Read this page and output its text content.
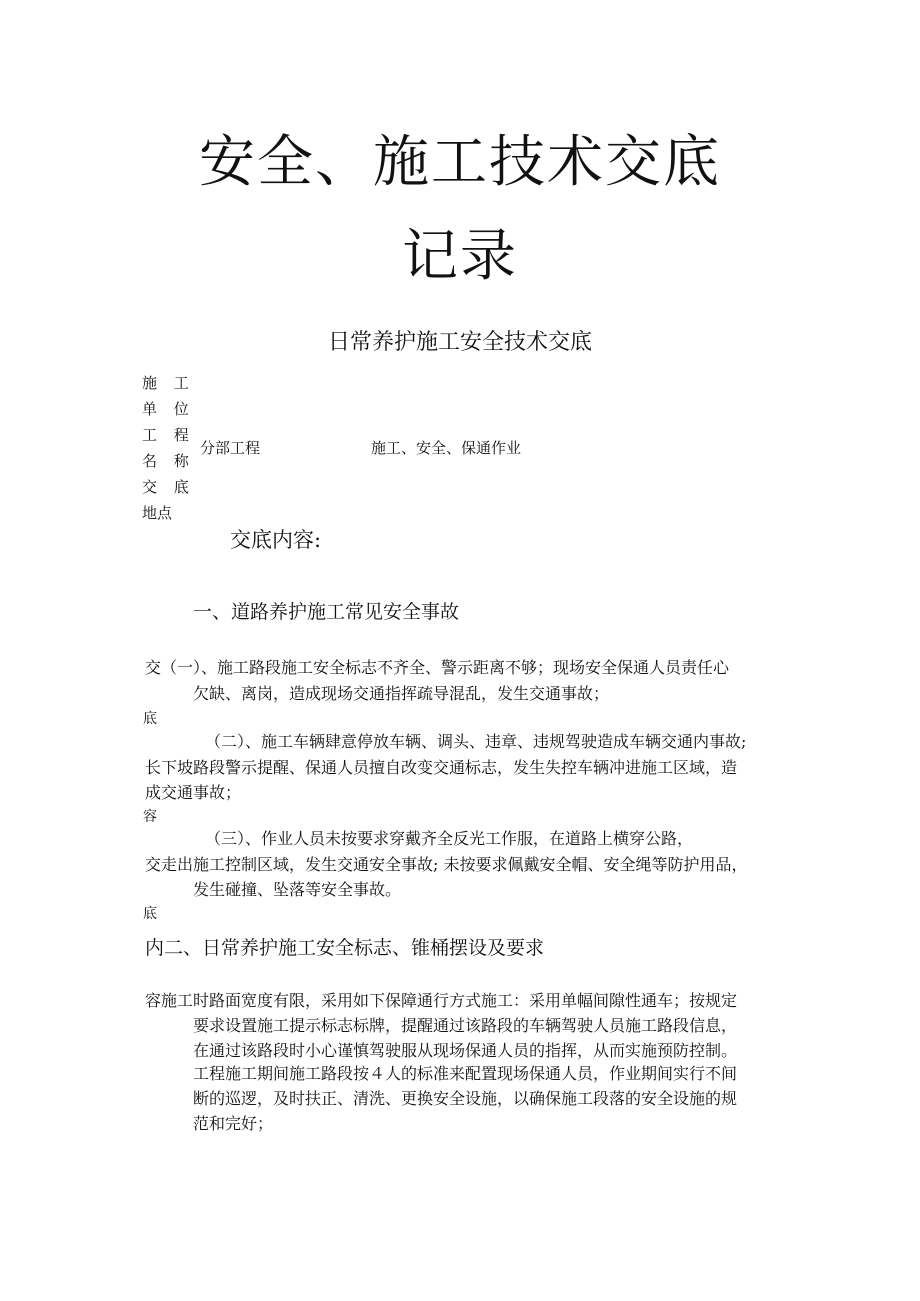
安全、施工技术交底
记录
日常养护施工安全技术交底
施 工
单 位
工 程
名 称
交 底
地点
分部工程	施工、安全、保通作业
交底内容:
一、道路养护施工常见安全事故
交（一）、施工路段施工安全标志不齐全、警示距离不够；现场安全保通人员责任心
欠缺、离岗，造成现场交通指挥疏导混乱，发生交通事故；
底
（二）、施工车辆肆意停放车辆、调头、违章、违规驾驶造成车辆交通内事故;
长下坡路段警示提醒、保通人员擅自改变交通标志，发生失控车辆冲进施工区域，造
成交通事故；
容
（三）、作业人员未按要求穿戴齐全反光工作服，在道路上横穿公路，
交走出施工控制区域，发生交通安全事故; 未按要求佩戴安全帽、安全绳等防护用品，
发生碰撞、坠落等安全事故。
底
内二、日常养护施工安全标志、锥桶摆设及要求
容施工时路面宽度有限，采用如下保障通行方式施工：采用单幅间隙性通车；按规定
要求设置施工提示标志标牌，提醒通过该路段的车辆驾驶人员施工路段信息，
在通过该路段时小心谨慎驾驶服从现场保通人员的指挥，从而实施预防控制。
工程施工期间施工路段按４人的标准来配置现场保通人员，作业期间实行不间
断的巡逻，及时扶正、清洗、更换安全设施，以确保施工段落的安全设施的规
范和完好；
